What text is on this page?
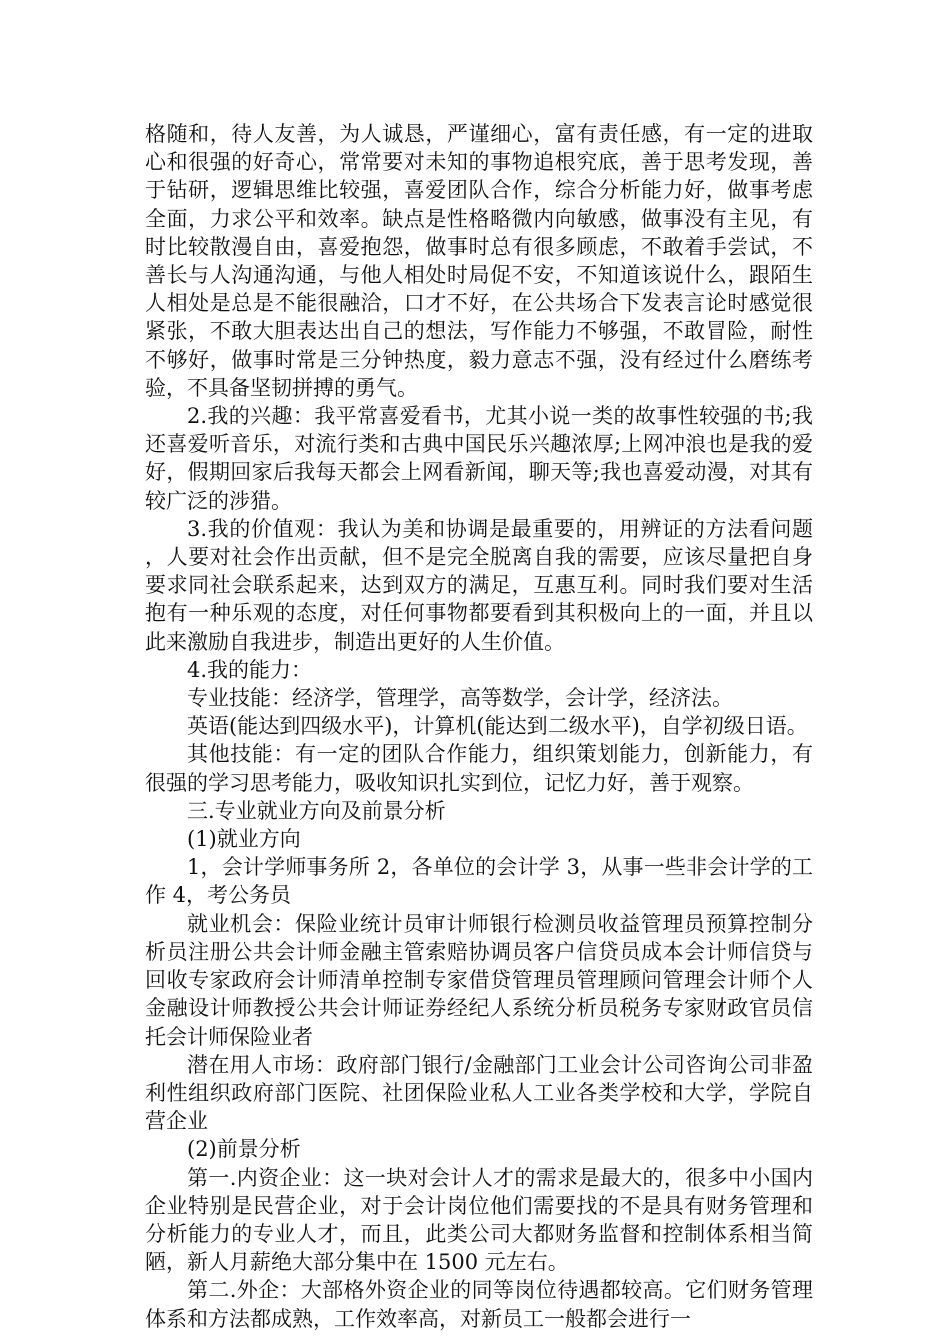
格随和，待人友善，为人诚恳，严谨细心，富有责任感，有一定的进取心和很强的好奇心，常常要对未知的事物追根究底，善于思考发现，善于钻研，逻辑思维比较强，喜爱团队合作，综合分析能力好，做事考虑全面，力求公平和效率。缺点是性格略微内向敏感，做事没有主见，有时比较散漫自由，喜爱抱怨，做事时总有很多顾虑，不敢着手尝试，不善长与人沟通沟通，与他人相处时局促不安，不知道该说什么，跟陌生人相处是总是不能很融洽，口才不好，在公共场合下发表言论时感觉很紧张，不敢大胆表达出自己的想法，写作能力不够强，不敢冒险，耐性不够好，做事时常是三分钟热度，毅力意志不强，没有经过什么磨练考验，不具备坚韧拼搏的勇气。

2.我的兴趣：我平常喜爱看书，尤其小说一类的故事性较强的书;我还喜爱听音乐，对流行类和古典中国民乐兴趣浓厚;上网冲浪也是我的爱好，假期回家后我每天都会上网看新闻，聊天等;我也喜爱动漫，对其有较广泛的涉猎。

3.我的价值观：我认为美和协调是最重要的，用辨证的方法看问题，人要对社会作出贡献，但不是完全脱离自我的需要，应该尽量把自身要求同社会联系起来，达到双方的满足，互惠互利。同时我们要对生活抱有一种乐观的态度，对任何事物都要看到其积极向上的一面，并且以此来激励自我进步，制造出更好的人生价值。

4.我的能力：

专业技能：经济学，管理学，高等数学，会计学，经济法。

英语(能达到四级水平)，计算机(能达到二级水平)，自学初级日语。

其他技能：有一定的团队合作能力，组织策划能力，创新能力，有很强的学习思考能力，吸收知识扎实到位，记忆力好，善于观察。

三.专业就业方向及前景分析

(1)就业方向

1，会计学师事务所 2，各单位的会计学 3，从事一些非会计学的工作 4，考公务员

就业机会：保险业统计员审计师银行检测员收益管理员预算控制分析员注册公共会计师金融主管索赔协调员客户信贷员成本会计师信贷与回收专家政府会计师清单控制专家借贷管理员管理顾问管理会计师个人金融设计师教授公共会计师证券经纪人系统分析员税务专家财政官员信托会计师保险业者

潜在用人市场：政府部门银行/金融部门工业会计公司咨询公司非盈利性组织政府部门医院、社团保险业私人工业各类学校和大学，学院自营企业

(2)前景分析

第一.内资企业：这一块对会计人才的需求是最大的，很多中小国内企业特别是民营企业，对于会计岗位他们需要找的不是具有财务管理和分析能力的专业人才，而且，此类公司大都财务监督和控制体系相当简陋，新人月薪绝大部分集中在 1500 元左右。

第二.外企：大部格外资企业的同等岗位待遇都较高。它们财务管理体系和方法都成熟，工作效率高，对新员工一般都会进行一
